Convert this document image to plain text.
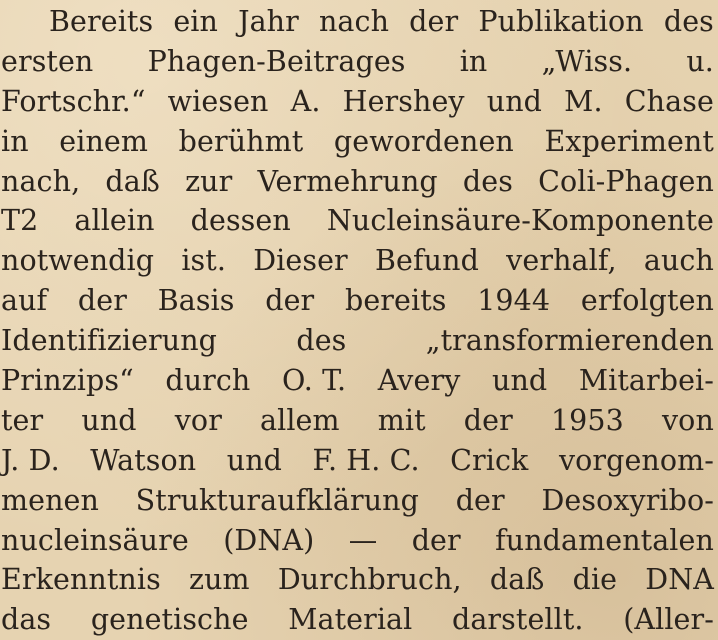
Bereits ein Jahr nach der Publikation des
ersten Phagen-Beitrages in „Wiss. u.
Fortschr.“ wiesen A. Hershey und M. Chase
in einem berühmt gewordenen Experiment
nach, daß zur Vermehrung des Coli-Phagen
T2 allein dessen Nucleinsäure-Komponente
notwendig ist. Dieser Befund verhalf, auch
auf der Basis der bereits 1944 erfolgten
Identifizierung	des	„transformierenden
Prinzips“ durch O. T. Avery und Mitarbei-
ter und vor allem mit der 1953 von
J. D. Watson und F. H. C. Crick vorgenom-
menen Strukturaufklärung der Desoxyribo-
nucleinsäure (DNA) — der fundamentalen
Erkenntnis zum Durchbruch, daß die DNA
das genetische Material darstellt. (Aller-
